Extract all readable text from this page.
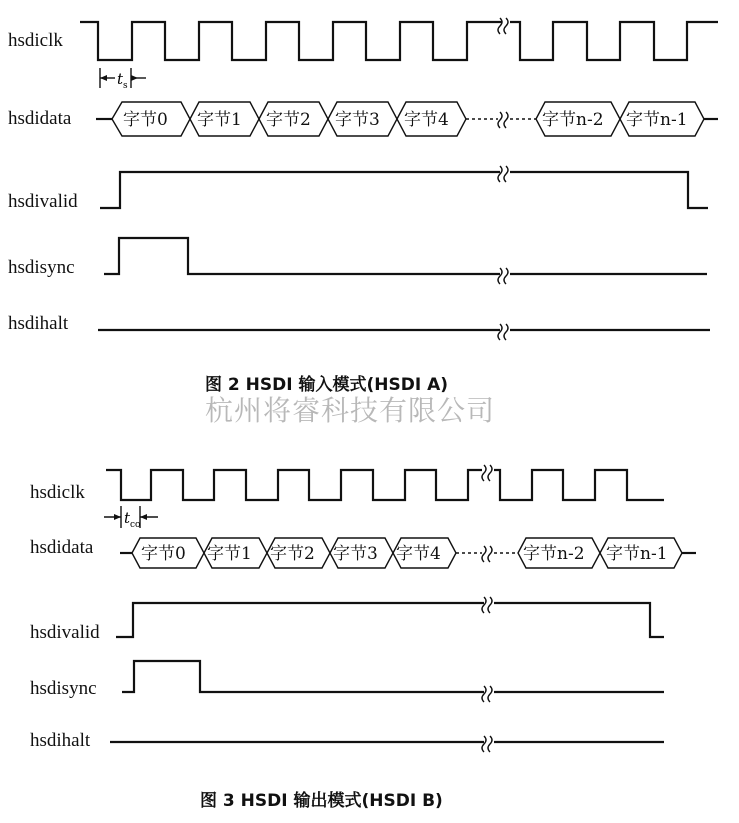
hsdiclk
hsdidata
hsdivalid
hsdisync
hsdihalt
t s
字节0 字节1 字节2 字节3 字节4	字节n-2 字节n-1
图 2 HSDI 输入模式(HSDI A)
杭州将睿科技有限公司
hsdiclk
hsdidata
hsdivalid
hsdisync
hsdihalt
t co
字节0 字节1 字节2 字节3 字节4	字节n-2 字节n-1
图 3 HSDI 输出模式(HSDI B)
